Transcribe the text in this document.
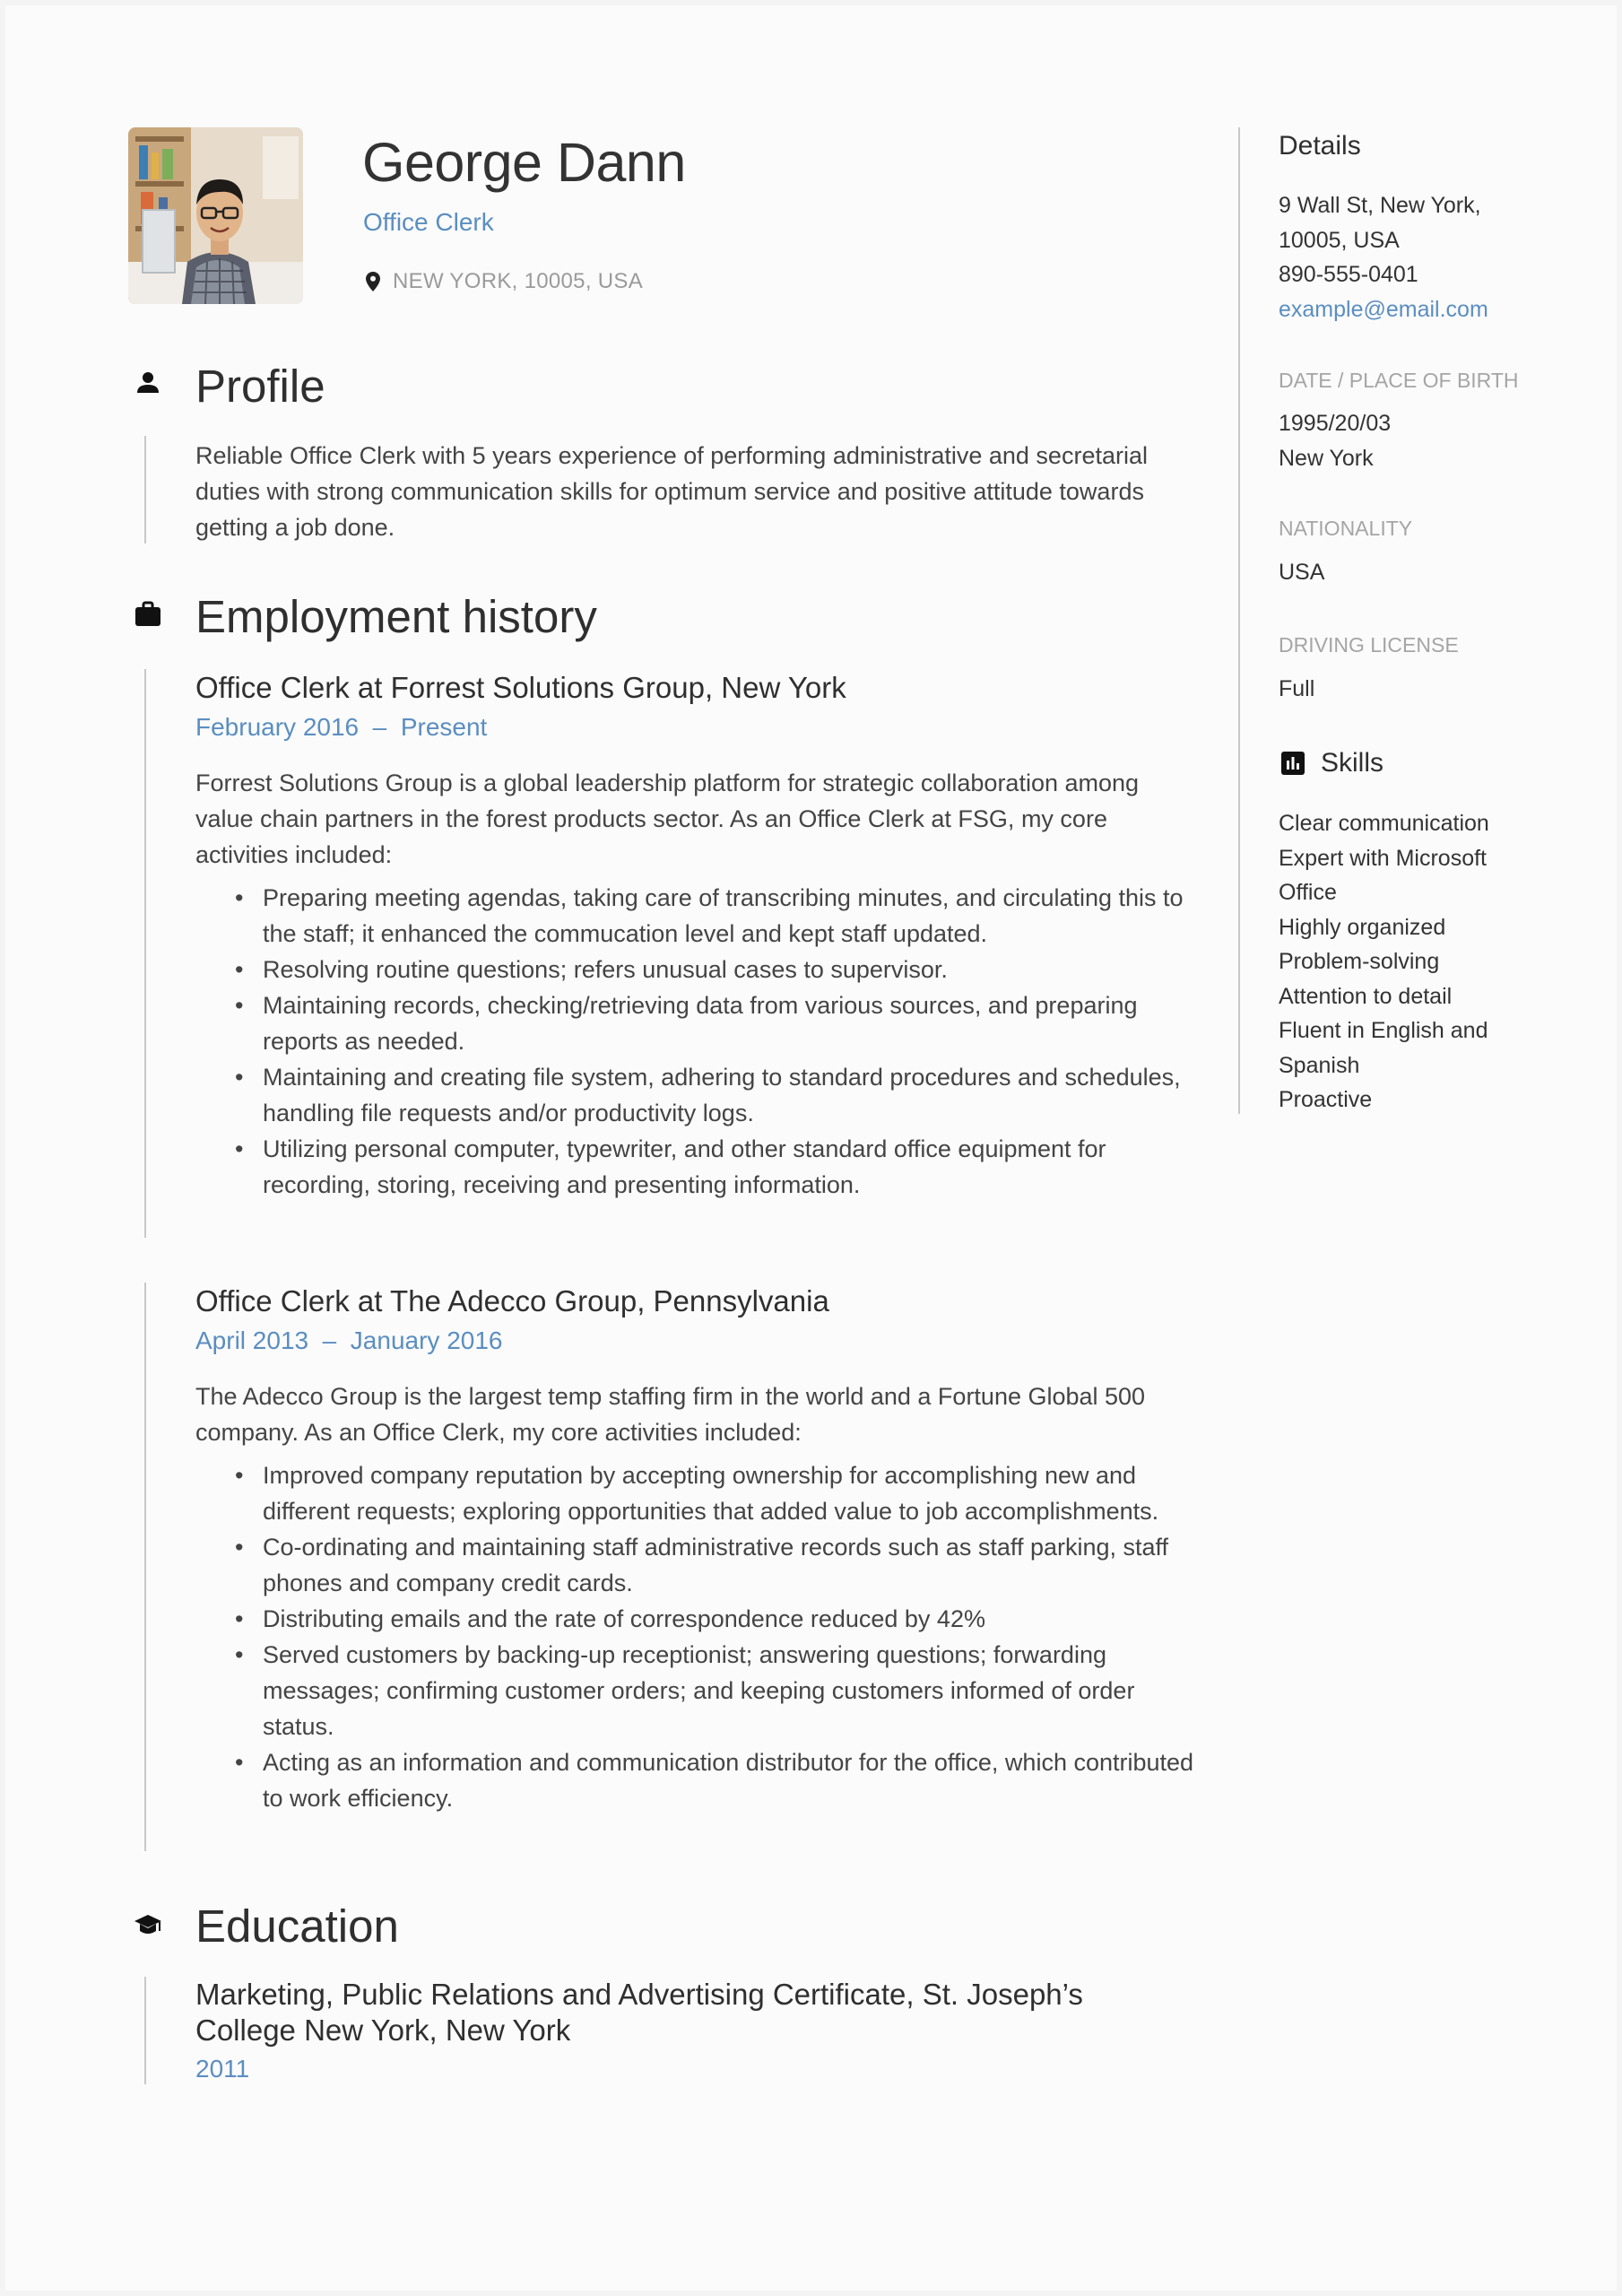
George Dann
Office Clerk
NEW YORK, 10005, USA
Profile
Reliable Office Clerk with 5 years experience of performing administrative and secretarial duties with strong communication skills for optimum service and positive attitude towards getting a job done.
Employment history
Office Clerk at Forrest Solutions Group, New York
February 2016  –  Present
Forrest Solutions Group is a global leadership platform for strategic collaboration among value chain partners in the forest products sector. As an Office Clerk at FSG, my core activities included:
• Preparing meeting agendas, taking care of transcribing minutes, and circulating this to the staff; it enhanced the commucation level and kept staff updated.
• Resolving routine questions; refers unusual cases to supervisor.
• Maintaining records, checking/retrieving data from various sources, and preparing reports as needed.
• Maintaining and creating file system, adhering to standard procedures and schedules, handling file requests and/or productivity logs.
• Utilizing personal computer, typewriter, and other standard office equipment for recording, storing, receiving and presenting information.
Office Clerk at The Adecco Group, Pennsylvania
April 2013  –  January 2016
The Adecco Group is the largest temp staffing firm in the world and a Fortune Global 500 company. As an Office Clerk, my core activities included:
• Improved company reputation by accepting ownership for accomplishing new and different requests; exploring opportunities that added value to job accomplishments.
• Co-ordinating and maintaining staff administrative records such as staff parking, staff phones and company credit cards.
• Distributing emails and the rate of correspondence reduced by 42%
• Served customers by backing-up receptionist; answering questions; forwarding messages; confirming customer orders; and keeping customers informed of order status.
• Acting as an information and communication distributor for the office, which contributed to work efficiency.
Education
Marketing, Public Relations and Advertising Certificate, St. Joseph’s
College New York, New York
2011
Details
9 Wall St, New York,
10005, USA
890-555-0401
example@email.com
DATE / PLACE OF BIRTH
1995/20/03
New York
NATIONALITY
USA
DRIVING LICENSE
Full
Skills
Clear communication
Expert with Microsoft
Office
Highly organized
Problem-solving
Attention to detail
Fluent in English and
Spanish
Proactive
